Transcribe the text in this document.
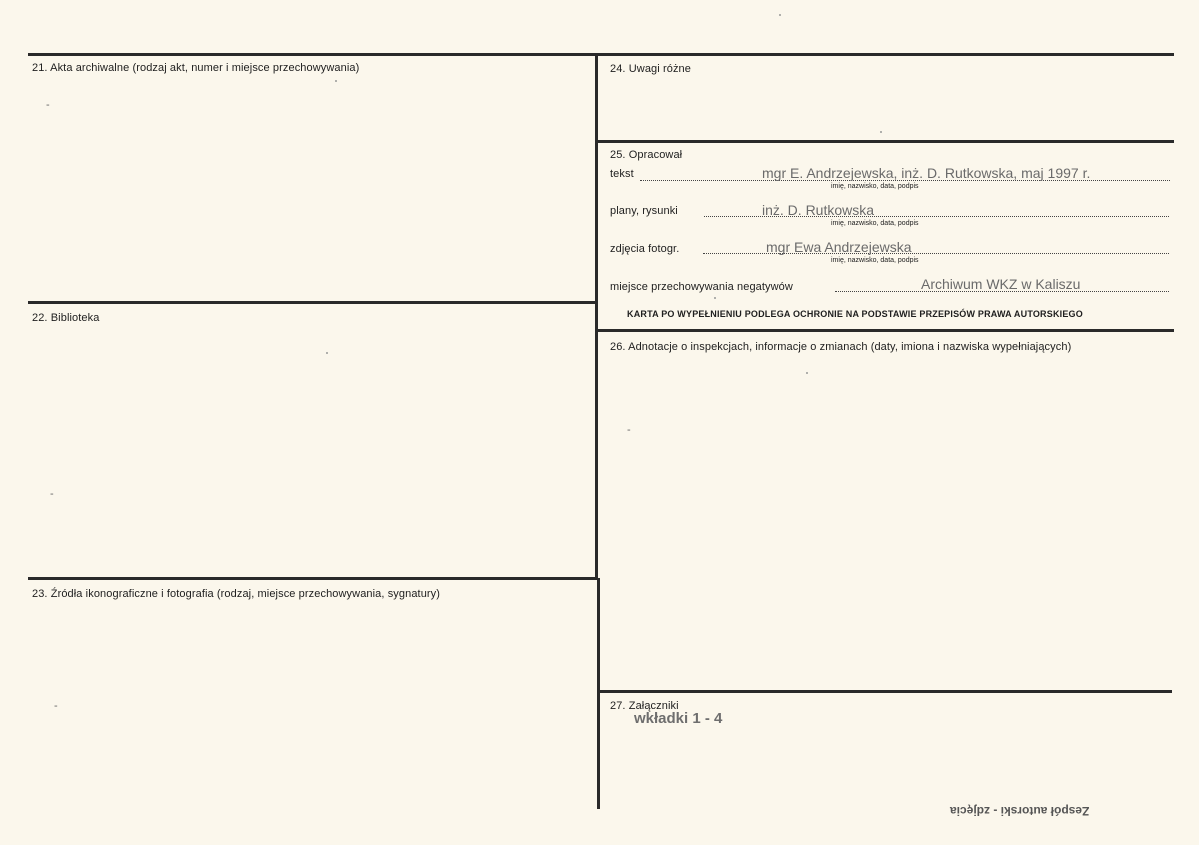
21. Akta archiwalne (rodzaj akt, numer i miejsce przechowywania)
-
22. Biblioteka
-
23. Źródła ikonograficzne i fotografia (rodzaj, miejsce przechowywania, sygnatury)
-
24. Uwagi różne
25. Opracował
tekst	mgr E. Andrzejewska, inż. D. Rutkowska, maj 1997 r.
imię, nazwisko, data, podpis
plany, rysunki	inż. D. Rutkowska
imię, nazwisko, data, podpis
zdjęcia fotogr.	mgr Ewa Andrzejewska
imię, nazwisko, data, podpis
miejsce przechowywania negatywów	Archiwum WKZ w Kaliszu
KARTA PO WYPEŁNIENIU PODLEGA OCHRONIE NA PODSTAWIE PRZEPISÓW PRAWA AUTORSKIEGO
26. Adnotacje o inspekcjach, informacje o zmianach (daty, imiona i nazwiska wypełniających)
-
27. Załączniki
wkładki 1 - 4
Zespół autorski - zdjęcia
